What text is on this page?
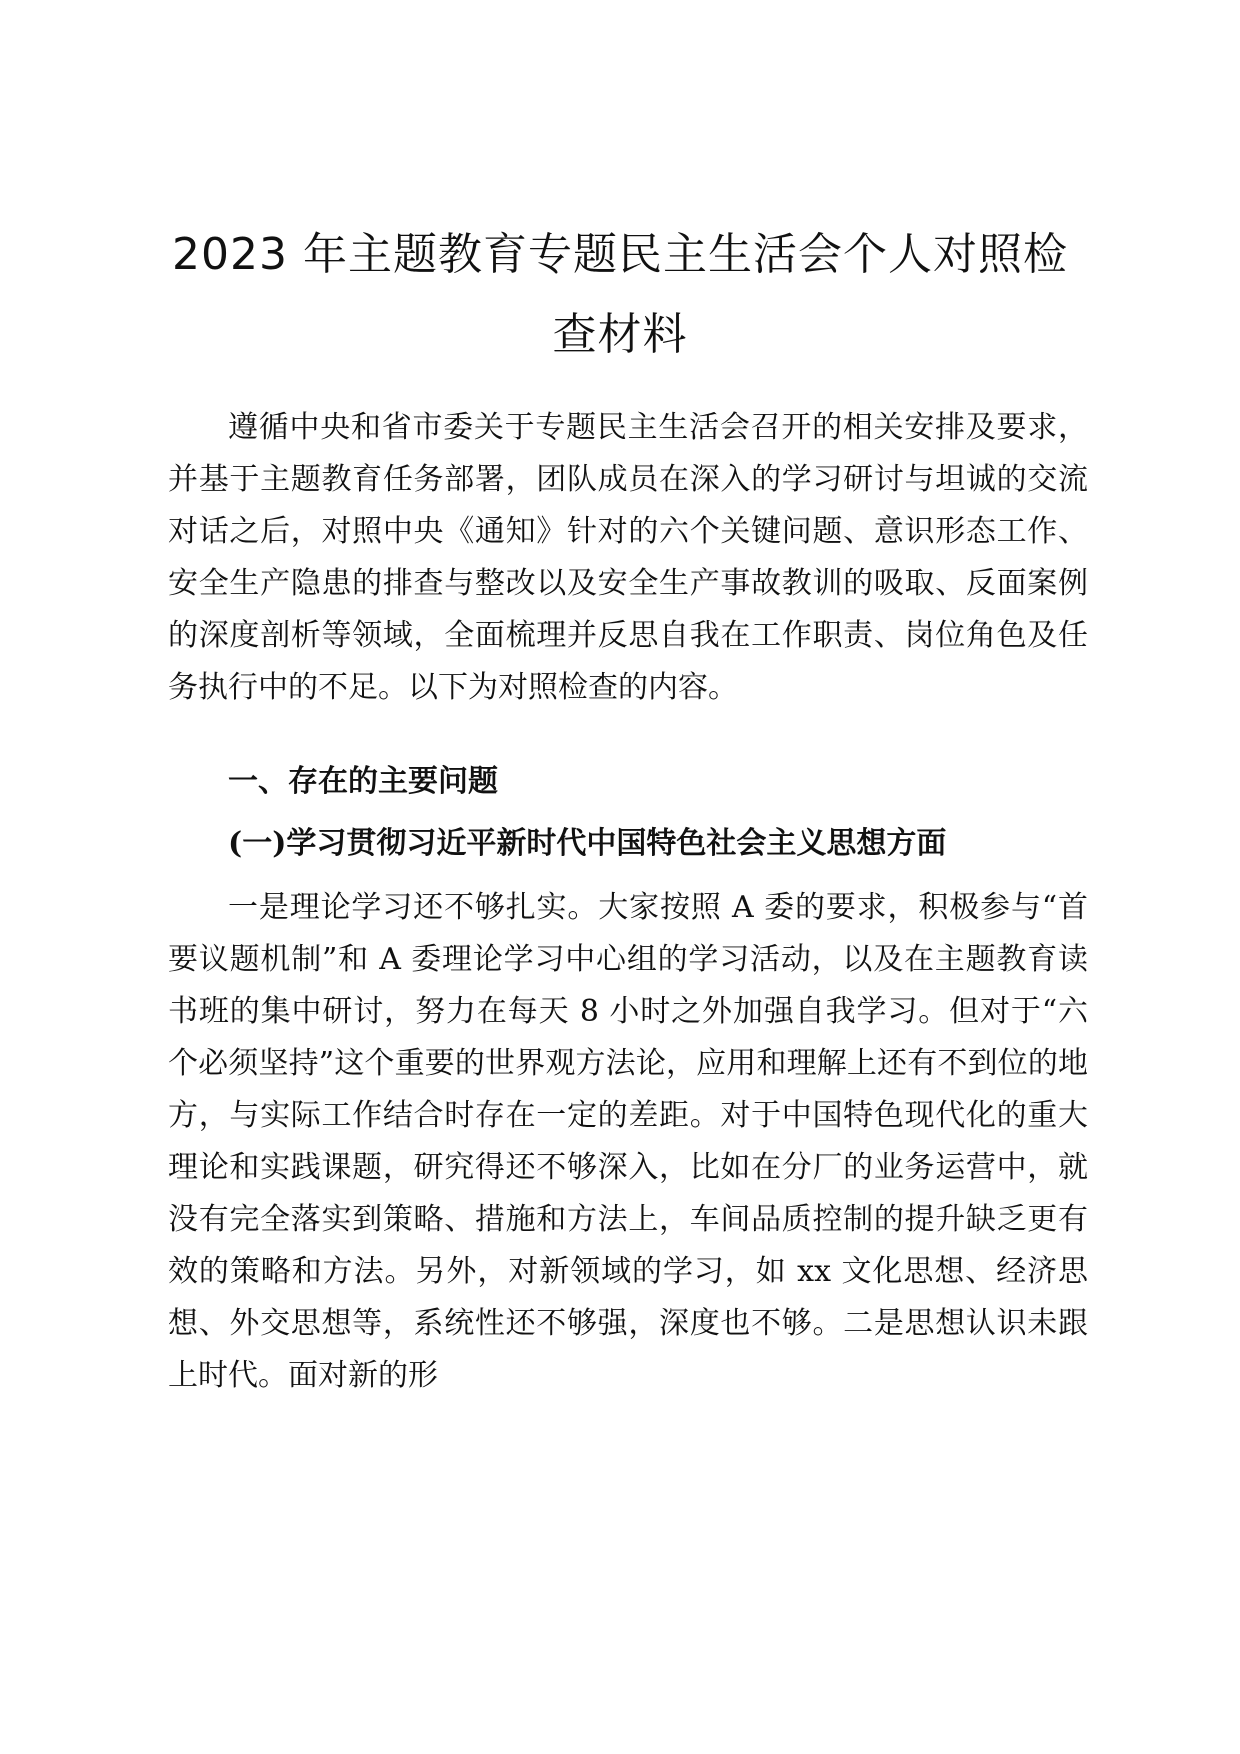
2023 年主题教育专题民主生活会个人对照检
查材料

遵循中央和省市委关于专题民主生活会召开的相关安排及要求，并基于主题教育任务部署，团队成员在深入的学习研讨与坦诚的交流对话之后，对照中央《通知》针对的六个关键问题、意识形态工作、安全生产隐患的排查与整改以及安全生产事故教训的吸取、反面案例的深度剖析等领域，全面梳理并反思自我在工作职责、岗位角色及任务执行中的不足。以下为对照检查的内容。

一、存在的主要问题
(一)学习贯彻习近平新时代中国特色社会主义思想方面

一是理论学习还不够扎实。大家按照 A 委的要求，积极参与“首要议题机制”和 A 委理论学习中心组的学习活动，以及在主题教育读书班的集中研讨，努力在每天 8 小时之外加强自我学习。但对于“六个必须坚持”这个重要的世界观方法论，应用和理解上还有不到位的地方，与实际工作结合时存在一定的差距。对于中国特色现代化的重大理论和实践课题，研究得还不够深入，比如在分厂的业务运营中，就没有完全落实到策略、措施和方法上，车间品质控制的提升缺乏更有效的策略和方法。另外，对新领域的学习，如 xx 文化思想、经济思想、外交思想等，系统性还不够强，深度也不够。二是思想认识未跟上时代。面对新的形
